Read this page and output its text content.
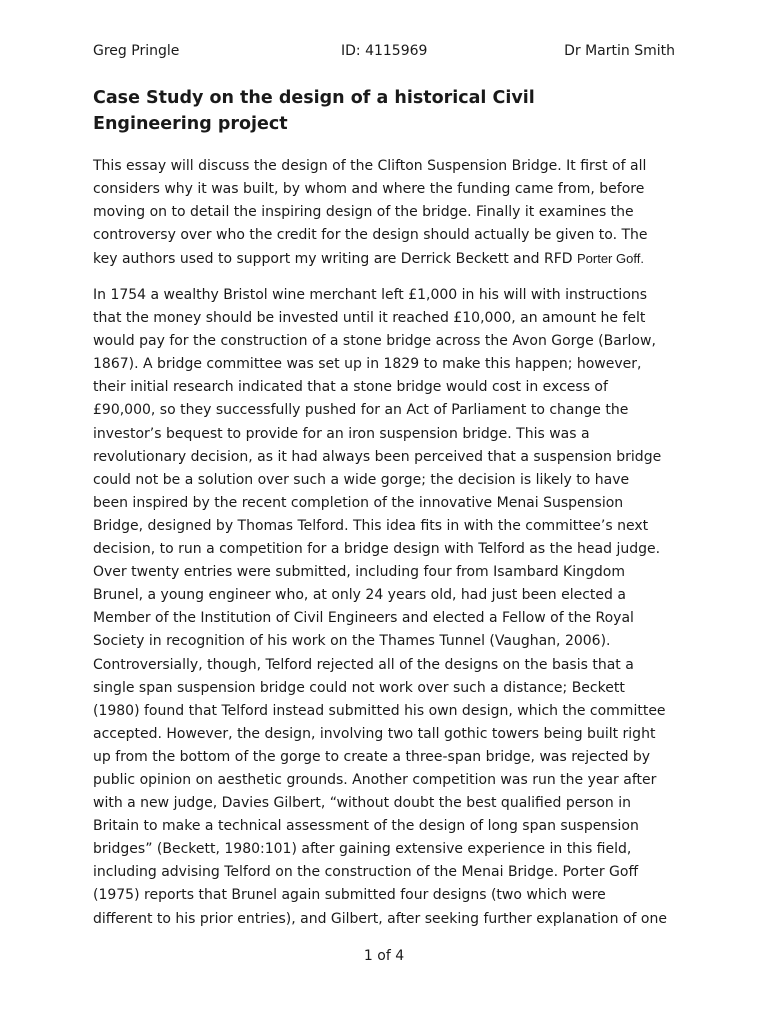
Greg Pringle	ID: 4115969	Dr Martin Smith
Case Study on the design of a historical Civil
Engineering project

This essay will discuss the design of the Clifton Suspension Bridge. It first of all
considers why it was built, by whom and where the funding came from, before
moving on to detail the inspiring design of the bridge. Finally it examines the
controversy over who the credit for the design should actually be given to. The
key authors used to support my writing are Derrick Beckett and RFD Porter Goff.

In 1754 a wealthy Bristol wine merchant left £1,000 in his will with instructions
that the money should be invested until it reached £10,000, an amount he felt
would pay for the construction of a stone bridge across the Avon Gorge (Barlow,
1867). A bridge committee was set up in 1829 to make this happen; however,
their initial research indicated that a stone bridge would cost in excess of
£90,000, so they successfully pushed for an Act of Parliament to change the
investor’s bequest to provide for an iron suspension bridge. This was a
revolutionary decision, as it had always been perceived that a suspension bridge
could not be a solution over such a wide gorge; the decision is likely to have
been inspired by the recent completion of the innovative Menai Suspension
Bridge, designed by Thomas Telford. This idea fits in with the committee’s next
decision, to run a competition for a bridge design with Telford as the head judge.
Over twenty entries were submitted, including four from Isambard Kingdom
Brunel, a young engineer who, at only 24 years old, had just been elected a
Member of the Institution of Civil Engineers and elected a Fellow of the Royal
Society in recognition of his work on the Thames Tunnel (Vaughan, 2006).
Controversially, though, Telford rejected all of the designs on the basis that a
single span suspension bridge could not work over such a distance; Beckett
(1980) found that Telford instead submitted his own design, which the committee
accepted. However, the design, involving two tall gothic towers being built right
up from the bottom of the gorge to create a three-span bridge, was rejected by
public opinion on aesthetic grounds. Another competition was run the year after
with a new judge, Davies Gilbert, “without doubt the best qualified person in
Britain to make a technical assessment of the design of long span suspension
bridges” (Beckett, 1980:101) after gaining extensive experience in this field,
including advising Telford on the construction of the Menai Bridge. Porter Goff
(1975) reports that Brunel again submitted four designs (two which were
different to his prior entries), and Gilbert, after seeking further explanation of one

1 of 4
